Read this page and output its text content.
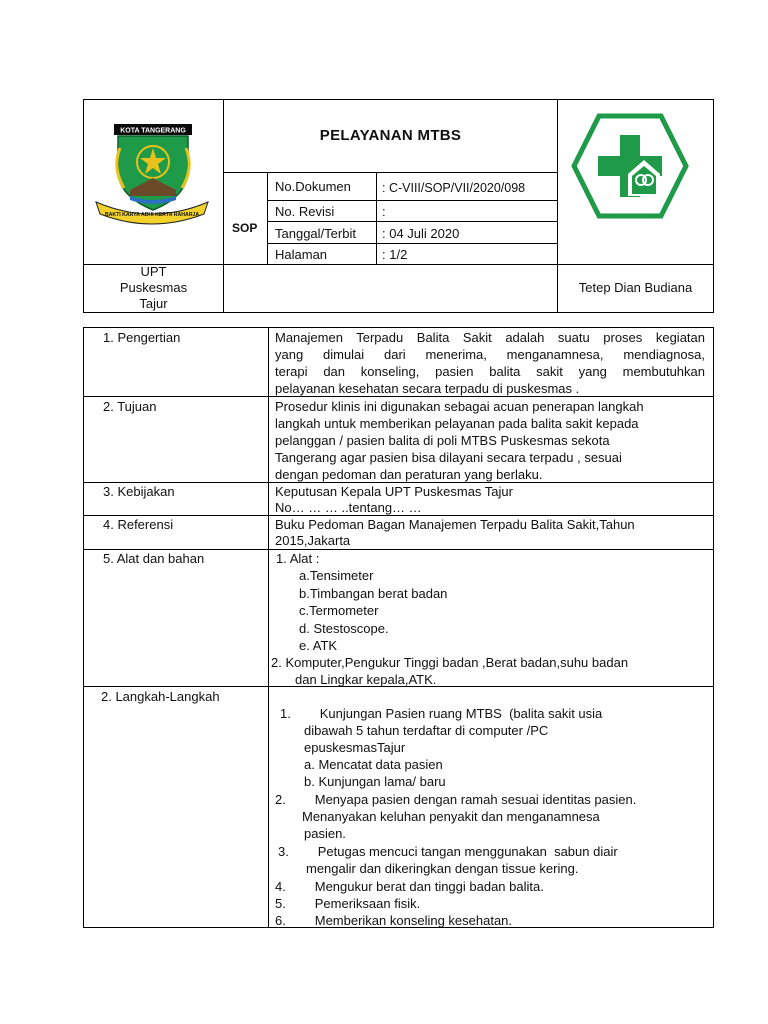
KOTA TANGERANG
BAKTI KARYA ADHI KERTA RAHARJA
PELAYANAN MTBS
SOP
No.Dokumen : C-VIII/SOP/VII/2020/098
No. Revisi	:
Tanggal/Terbit : 04 Juli 2020
Halaman	: 1/2
UPT
Puskesmas
Tajur
Tetep Dian Budiana
1. Pengertian	Manajemen Terpadu Balita Sakit adalah suatu proses kegiatan
yang dimulai dari menerima, menganamnesa, mendiagnosa,
terapi dan konseling, pasien balita sakit yang membutuhkan
pelayanan kesehatan secara terpadu di puskesmas .
2. Tujuan	Prosedur klinis ini digunakan sebagai acuan penerapan langkah
langkah untuk memberikan pelayanan pada balita sakit kepada
pelanggan / pasien balita di poli MTBS Puskesmas sekota
Tangerang agar pasien bisa dilayani secara terpadu , sesuai
dengan pedoman dan peraturan yang berlaku.
3. Kebijakan	Keputusan Kepala UPT Puskesmas Tajur
No… … … ..tentang… …
4. Referensi	Buku Pedoman Bagan Manajemen Terpadu Balita Sakit,Tahun
2015,Jakarta
5. Alat dan bahan	1. Alat :
a.Tensimeter
b.Timbangan berat badan
c.Termometer
d. Stestoscope.
e. ATK
2. Komputer,Pengukur Tinggi badan ,Berat badan,suhu badan
dan Lingkar kepala,ATK.
2. Langkah-Langkah
1.        Kunjungan Pasien ruang MTBS  (balita sakit usia
dibawah 5 tahun terdaftar di computer /PC
epuskesmasTajur
a. Mencatat data pasien
b. Kunjungan lama/ baru
2.        Menyapa pasien dengan ramah sesuai identitas pasien.
Menanyakan keluhan penyakit dan menganamnesa
pasien.
3.        Petugas mencuci tangan menggunakan  sabun diair
mengalir dan dikeringkan dengan tissue kering.
4.        Mengukur berat dan tinggi badan balita.
5.        Pemeriksaan fisik.
6.        Memberikan konseling kesehatan.
